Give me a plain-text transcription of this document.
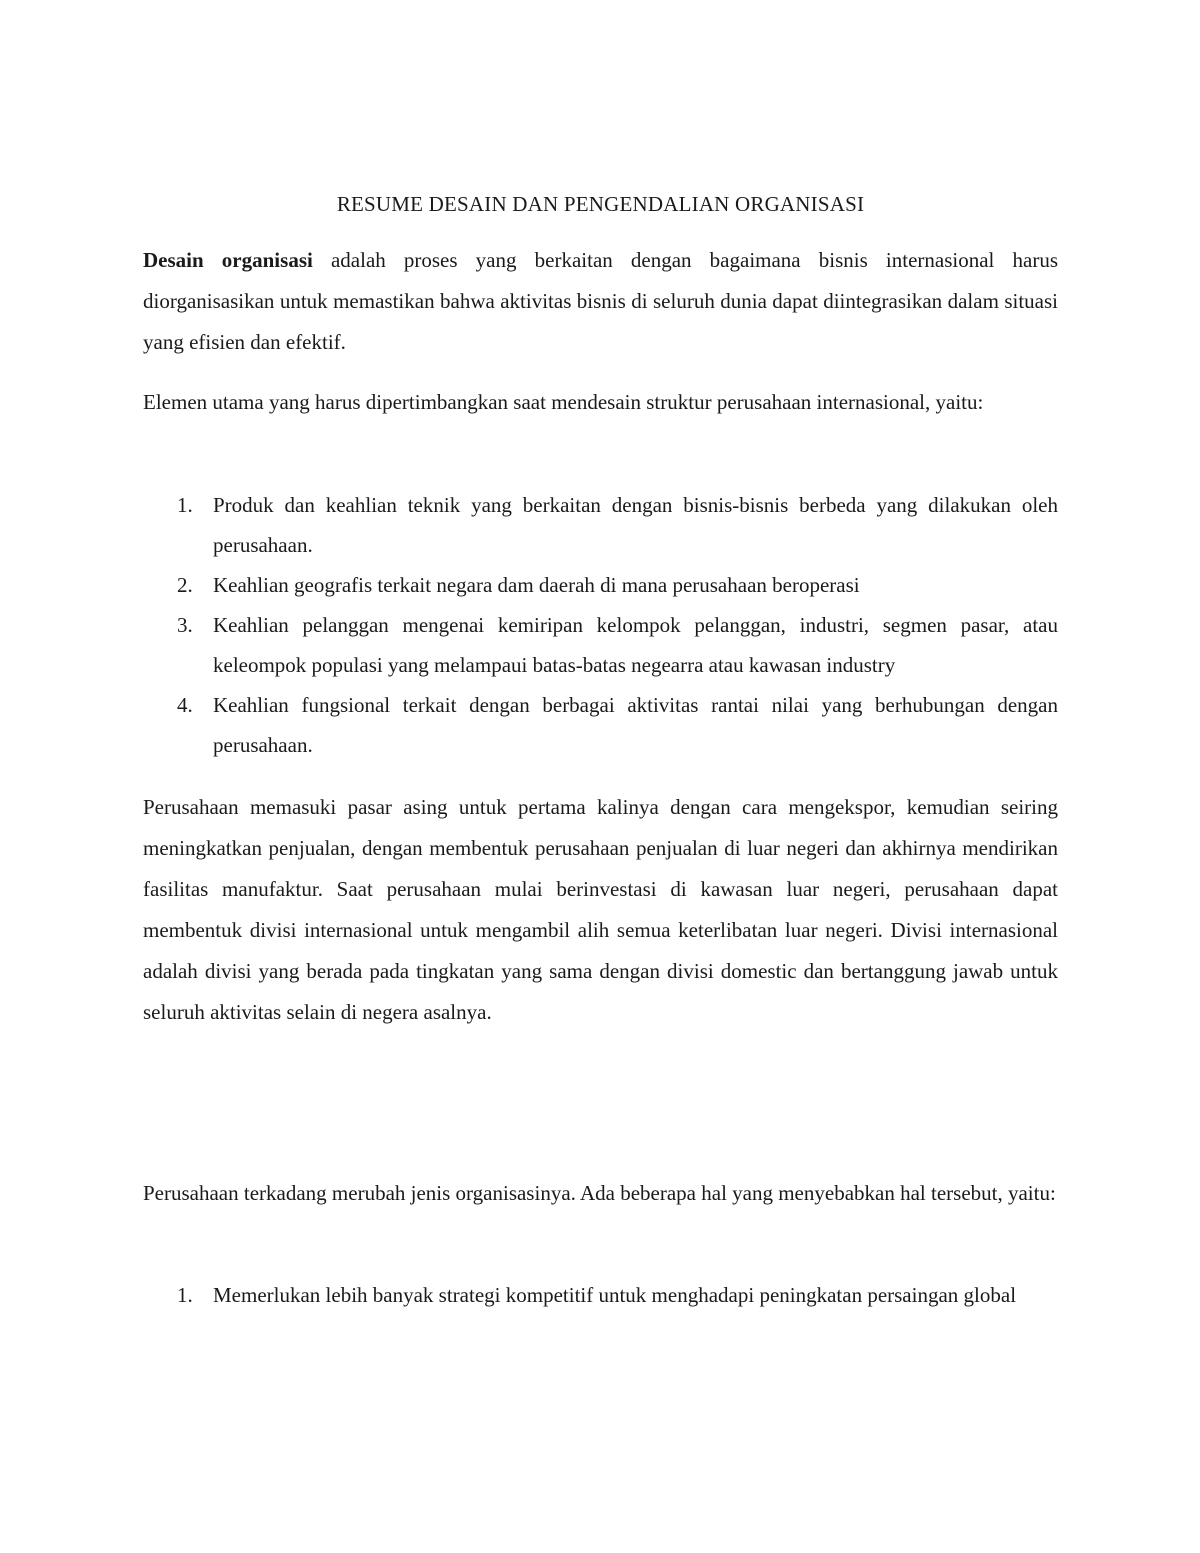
RESUME DESAIN DAN PENGENDALIAN ORGANISASI

Desain organisasi adalah proses yang berkaitan dengan bagaimana bisnis internasional harus diorganisasikan untuk memastikan bahwa aktivitas bisnis di seluruh dunia dapat diintegrasikan dalam situasi yang efisien dan efektif.

Elemen utama yang harus dipertimbangkan saat mendesain struktur perusahaan internasional, yaitu:

1. Produk dan keahlian teknik yang berkaitan dengan bisnis-bisnis berbeda yang dilakukan oleh perusahaan.
2. Keahlian geografis terkait negara dam daerah di mana perusahaan beroperasi
3. Keahlian pelanggan mengenai kemiripan kelompok pelanggan, industri, segmen pasar, atau keleompok populasi yang melampaui batas-batas negearra atau kawasan industry
4. Keahlian fungsional terkait dengan berbagai aktivitas rantai nilai yang berhubungan dengan perusahaan.

Perusahaan memasuki pasar asing untuk pertama kalinya dengan cara mengekspor, kemudian seiring meningkatkan penjualan, dengan membentuk perusahaan penjualan di luar negeri dan akhirnya mendirikan fasilitas manufaktur. Saat perusahaan mulai berinvestasi di kawasan luar negeri, perusahaan dapat membentuk divisi internasional untuk mengambil alih semua keterlibatan luar negeri. Divisi internasional adalah divisi yang berada pada tingkatan yang sama dengan divisi domestic dan bertanggung jawab untuk seluruh aktivitas selain di negera asalnya.

Perusahaan terkadang merubah jenis organisasinya. Ada beberapa hal yang menyebabkan hal tersebut, yaitu:

1. Memerlukan lebih banyak strategi kompetitif untuk menghadapi peningkatan persaingan global
